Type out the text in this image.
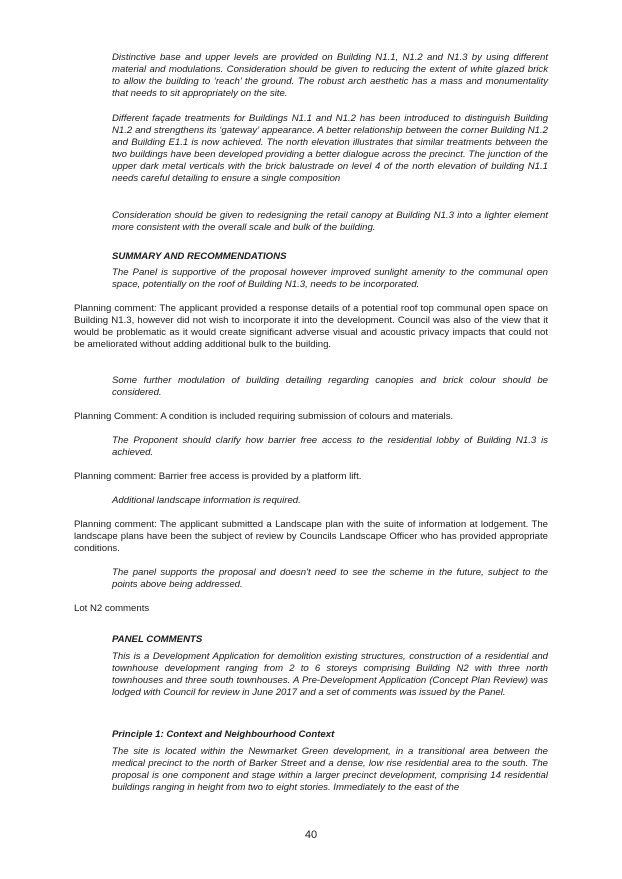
Distinctive base and upper levels are provided on Building N1.1, N1.2 and N1.3 by using different material and modulations. Consideration should be given to reducing the extent of white glazed brick to allow the building to ‘reach’ the ground. The robust arch aesthetic has a mass and monumentality that needs to sit appropriately on the site.

Different façade treatments for Buildings N1.1 and N1.2 has been introduced to distinguish Building N1.2 and strengthens its ‘gateway’ appearance. A better relationship between the corner Building N1.2 and Building E1.1 is now achieved. The north elevation illustrates that similar treatments between the two buildings have been developed providing a better dialogue across the precinct. The junction of the upper dark metal verticals with the brick balustrade on level 4 of the north elevation of building N1.1 needs careful detailing to ensure a single composition

Consideration should be given to redesigning the retail canopy at Building N1.3 into a lighter element more consistent with the overall scale and bulk of the building.

SUMMARY AND RECOMMENDATIONS

The Panel is supportive of the proposal however improved sunlight amenity to the communal open space, potentially on the roof of Building N1.3, needs to be incorporated.

Planning comment: The applicant provided a response details of a potential roof top communal open space on Building N1.3, however did not wish to incorporate it into the development. Council was also of the view that it would be problematic as it would create significant adverse visual and acoustic privacy impacts that could not be ameliorated without adding additional bulk to the building.

Some further modulation of building detailing regarding canopies and brick colour should be considered.

Planning Comment: A condition is included requiring submission of colours and materials.

The Proponent should clarify how barrier free access to the residential lobby of Building N1.3 is achieved.

Planning comment: Barrier free access is provided by a platform lift.

Additional landscape information is required.

Planning comment: The applicant submitted a Landscape plan with the suite of information at lodgement. The landscape plans have been the subject of review by Councils Landscape Officer who has provided appropriate conditions.

The panel supports the proposal and doesn't need to see the scheme in the future, subject to the points above being addressed.

Lot N2 comments

PANEL COMMENTS

This is a Development Application for demolition existing structures, construction of a residential and townhouse development ranging from 2 to 6 storeys comprising Building N2 with three north townhouses and three south townhouses. A Pre-Development Application (Concept Plan Review) was lodged with Council for review in June 2017 and a set of comments was issued by the Panel.

Principle 1: Context and Neighbourhood Context

The site is located within the Newmarket Green development, in a transitional area between the medical precinct to the north of Barker Street and a dense, low rise residential area to the south. The proposal is one component and stage within a larger precinct development, comprising 14 residential buildings ranging in height from two to eight stories. Immediately to the east of the

40
